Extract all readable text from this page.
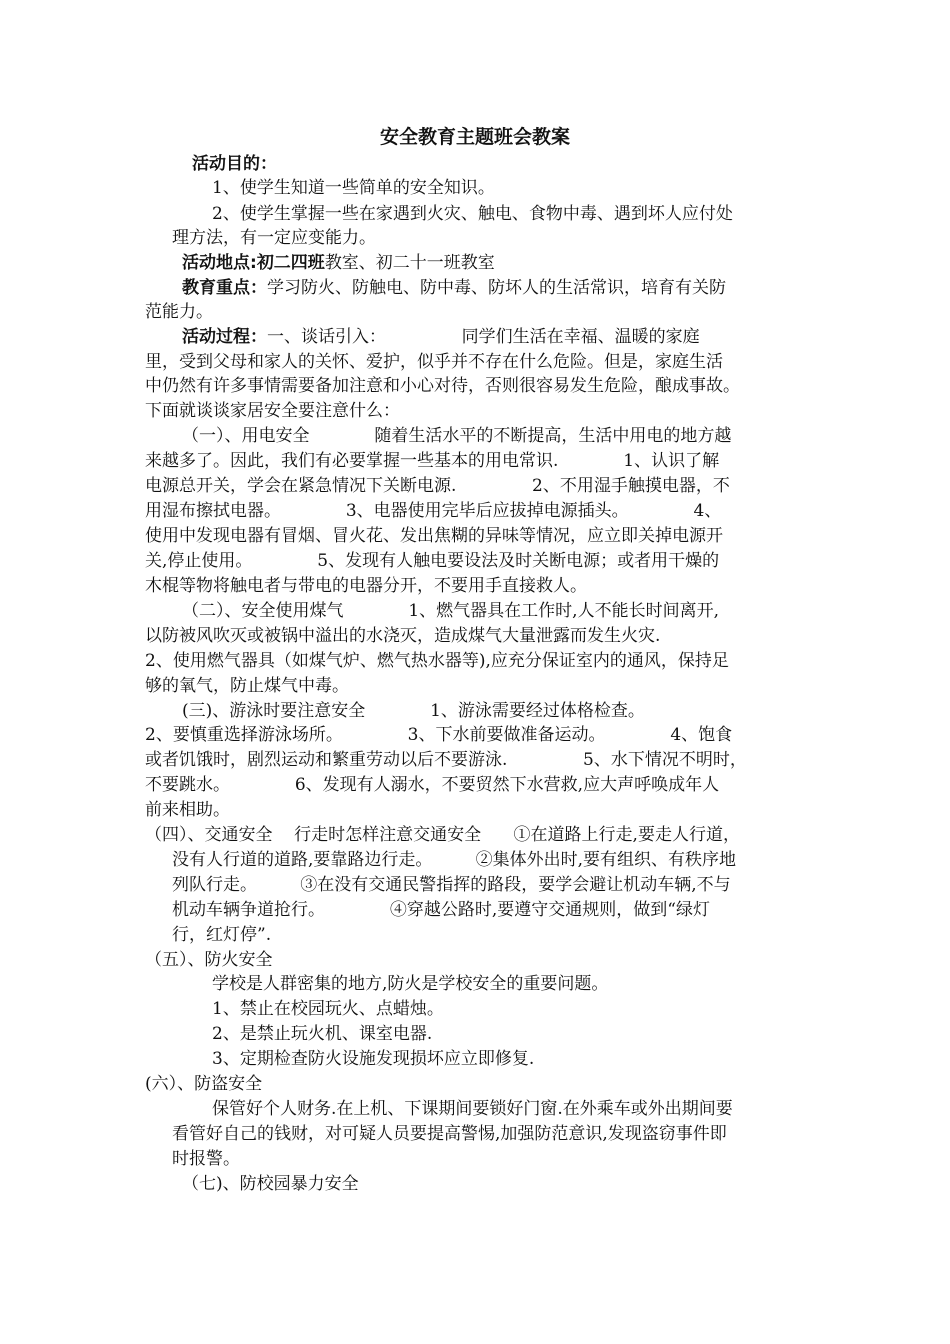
安全教育主题班会教案
活动目的：
1、使学生知道一些简单的安全知识。
2、使学生掌握一些在家遇到火灾、触电、食物中毒、遇到坏人应付处
理方法，有一定应变能力。
活动地点:初二四班教室、初二十一班教室
教育重点：学习防火、防触电、防中毒、防坏人的生活常识，培育有关防
范能力。
活动过程：一、谈话引入：              同学们生活在幸福、温暖的家庭
里，受到父母和家人的关怀、爱护，似乎并不存在什么危险。但是，家庭生活
中仍然有许多事情需要备加注意和小心对待，否则很容易发生危险，酿成事故。
下面就谈谈家居安全要注意什么：
（一）、用电安全            随着生活水平的不断提高，生活中用电的地方越
来越多了。因此，我们有必要掌握一些基本的用电常识.            1、认识了解
电源总开关，学会在紧急情况下关断电源.              2、不用湿手触摸电器，不
用湿布擦拭电器。            3、电器使用完毕后应拔掉电源插头。            4、
使用中发现电器有冒烟、冒火花、发出焦糊的异味等情况，应立即关掉电源开
关,停止使用。            5、发现有人触电要设法及时关断电源；或者用干燥的
木棍等物将触电者与带电的电器分开，不要用手直接救人。
（二）、安全使用煤气            1、燃气器具在工作时,人不能长时间离开,
以防被风吹灭或被锅中溢出的水浇灭，造成煤气大量泄露而发生火灾.
2、使用燃气器具（如煤气炉、燃气热水器等),应充分保证室内的通风，保持足
够的氧气，防止煤气中毒。
(三)、游泳时要注意安全            1、游泳需要经过体格检查。
2、要慎重选择游泳场所。            3、下水前要做准备运动。            4、饱食
或者饥饿时，剧烈运动和繁重劳动以后不要游泳.              5、水下情况不明时，
不要跳水。            6、发现有人溺水，不要贸然下水营救,应大声呼唤成年人
前来相助。
（四）、交通安全    行走时怎样注意交通安全      ①在道路上行走,要走人行道，
没有人行道的道路,要靠路边行走。        ②集体外出时,要有组织、有秩序地
列队行走。        ③在没有交通民警指挥的路段，要学会避让机动车辆,不与
机动车辆争道抢行。            ④穿越公路时,要遵守交通规则，做到“绿灯
行，红灯停”.
（五）、防火安全
学校是人群密集的地方,防火是学校安全的重要问题。
1、禁止在校园玩火、点蜡烛。
2、是禁止玩火机、课室电器.
3、定期检查防火设施发现损坏应立即修复.
(六）、防盗安全
保管好个人财务.在上机、下课期间要锁好门窗.在外乘车或外出期间要
看管好自己的钱财，对可疑人员要提高警惕,加强防范意识,发现盗窃事件即
时报警。
（七)、防校园暴力安全
